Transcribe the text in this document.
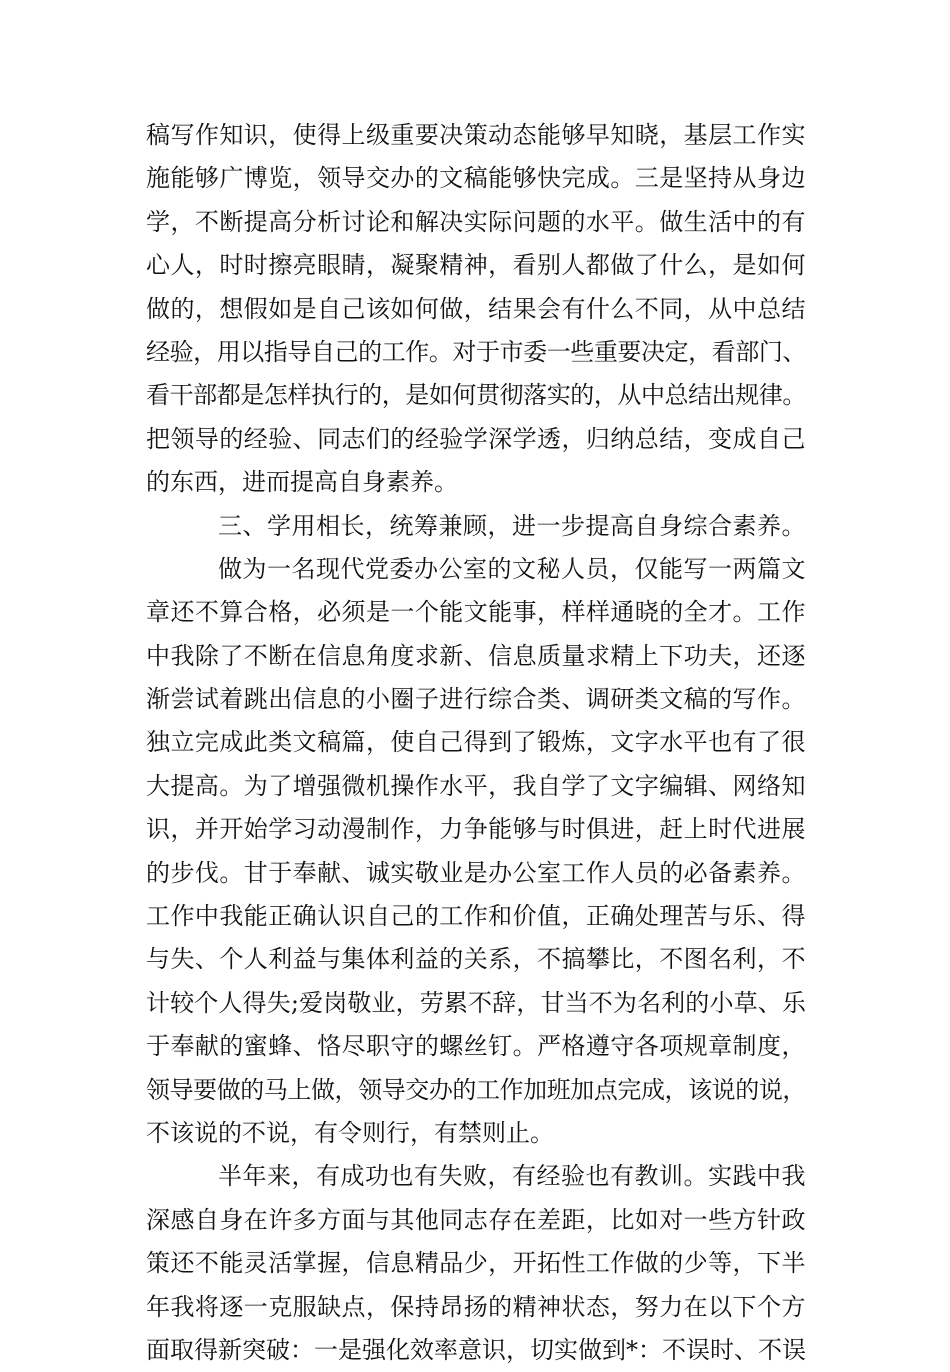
稿写作知识，使得上级重要决策动态能够早知晓，基层工作实
施能够广博览，领导交办的文稿能够快完成。三是坚持从身边
学，不断提高分析讨论和解决实际问题的水平。做生活中的有
心人，时时擦亮眼睛，凝聚精神，看别人都做了什么，是如何
做的，想假如是自己该如何做，结果会有什么不同，从中总结
经验，用以指导自己的工作。对于市委一些重要决定，看部门、
看干部都是怎样执行的，是如何贯彻落实的，从中总结出规律。
把领导的经验、同志们的经验学深学透，归纳总结，变成自己
的东西，进而提高自身素养。
三、学用相长，统筹兼顾，进一步提高自身综合素养。
做为一名现代党委办公室的文秘人员，仅能写一两篇文
章还不算合格，必须是一个能文能事，样样通晓的全才。工作
中我除了不断在信息角度求新、信息质量求精上下功夫，还逐
渐尝试着跳出信息的小圈子进行综合类、调研类文稿的写作。
独立完成此类文稿篇，使自己得到了锻炼，文字水平也有了很
大提高。为了增强微机操作水平，我自学了文字编辑、网络知
识，并开始学习动漫制作，力争能够与时俱进，赶上时代进展
的步伐。甘于奉献、诚实敬业是办公室工作人员的必备素养。
工作中我能正确认识自己的工作和价值，正确处理苦与乐、得
与失、个人利益与集体利益的关系，不搞攀比，不图名利，不
计较个人得失;爱岗敬业，劳累不辞，甘当不为名利的小草、乐
于奉献的蜜蜂、恪尽职守的螺丝钉。严格遵守各项规章制度，
领导要做的马上做，领导交办的工作加班加点完成，该说的说，
不该说的不说，有令则行，有禁则止。
半年来，有成功也有失败，有经验也有教训。实践中我
深感自身在许多方面与其他同志存在差距，比如对一些方针政
策还不能灵活掌握，信息精品少，开拓性工作做的少等，下半
年我将逐一克服缺点，保持昂扬的精神状态，努力在以下个方
面取得新突破：一是强化效率意识，切实做到*：不误时、不误
